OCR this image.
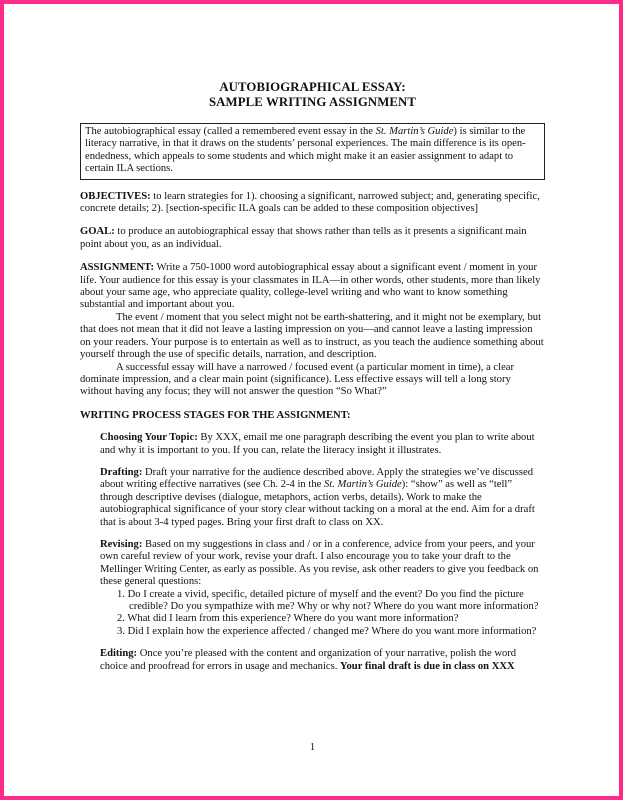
AUTOBIOGRAPHICAL ESSAY:
SAMPLE WRITING ASSIGNMENT

The autobiographical essay (called a remembered event essay in the St. Martin’s Guide) is similar to the literacy narrative, in that it draws on the students’ personal experiences. The main difference is its open-endedness, which appeals to some students and which might make it an easier assignment to adapt to certain ILA sections.

OBJECTIVES: to learn strategies for 1). choosing a significant, narrowed subject; and, generating specific, concrete details; 2). [section-specific ILA goals can be added to these composition objectives]

GOAL: to produce an autobiographical essay that shows rather than tells as it presents a significant main point about you, as an individual.

ASSIGNMENT: Write a 750-1000 word autobiographical essay about a significant event / moment in your life. Your audience for this essay is your classmates in ILA—in other words, other students, more than likely about your same age, who appreciate quality, college-level writing and who want to know something substantial and important about you.

The event / moment that you select might not be earth-shattering, and it might not be exemplary, but that does not mean that it did not leave a lasting impression on you—and cannot leave a lasting impression on your readers. Your purpose is to entertain as well as to instruct, as you teach the audience something about yourself through the use of specific details, narration, and description.

A successful essay will have a narrowed / focused event (a particular moment in time), a clear dominate impression, and a clear main point (significance). Less effective essays will tell a long story without having any focus; they will not answer the question “So What?”

WRITING PROCESS STAGES FOR THE ASSIGNMENT:

Choosing Your Topic: By XXX, email me one paragraph describing the event you plan to write about and why it is important to you. If you can, relate the literacy insight it illustrates.

Drafting: Draft your narrative for the audience described above. Apply the strategies we’ve discussed about writing effective narratives (see Ch. 2-4 in the St. Martin’s Guide): “show” as well as “tell” through descriptive devises (dialogue, metaphors, action verbs, details). Work to make the autobiographical significance of your story clear without tacking on a moral at the end. Aim for a draft that is about 3-4 typed pages. Bring your first draft to class on XX.

Revising: Based on my suggestions in class and / or in a conference, advice from your peers, and your own careful review of your work, revise your draft. I also encourage you to take your draft to the Mellinger Writing Center, as early as possible. As you revise, ask other readers to give you feedback on these general questions:

1. Do I create a vivid, specific, detailed picture of myself and the event? Do you find the picture credible? Do you sympathize with me? Why or why not? Where do you want more information?
2. What did I learn from this experience? Where do you want more information?
3. Did I explain how the experience affected / changed me? Where do you want more information?

Editing: Once you’re pleased with the content and organization of your narrative, polish the word choice and proofread for errors in usage and mechanics. Your final draft is due in class on XXX

1
